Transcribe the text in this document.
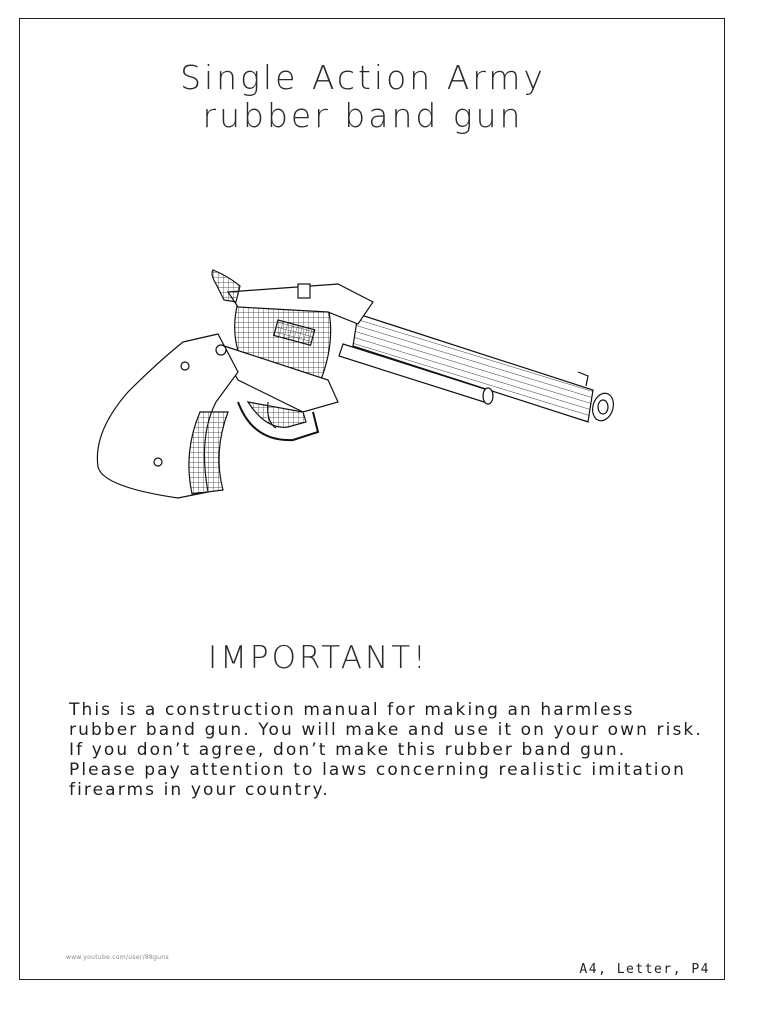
Single Action Army
rubber band gun
IMPORTANT!

This is a construction manual for making an harmless rubber band gun. You will make and use it on your own risk. If you don’t agree, don’t make this rubber band gun.

Please pay attention to laws concerning realistic imitation firearms in your country.

www.youtube.com/user/88guns
A4, Letter, P4
